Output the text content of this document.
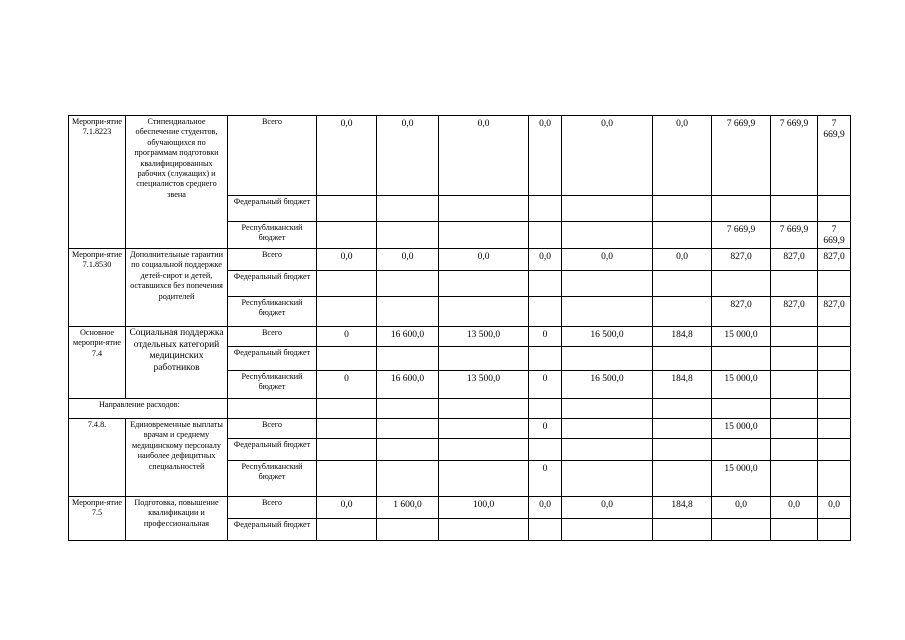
Меропри-ятие 7.1.8223	Стипендиальное обеспечение студентов, обучающихся по программам подготовки квалифицированных рабочих (служащих) и специалистов среднего звена	Всего	0,0	0,0	0,0	0,0	0,0	0,0	7 669,9	7 669,9	7 669,9
		Федеральный бюджет									
		Республиканский бюджет							7 669,9	7 669,9	7 669,9
Меропри-ятие 7.1.8530	Дополнительные гарантии по социальной поддержке детей-сирот и детей, оставшихся без попечения родителей	Всего	0,0	0,0	0,0	0,0	0,0	0,0	827,0	827,0	827,0
		Федеральный бюджет									
		Республиканский бюджет							827,0	827,0	827,0
Основное меропри-ятие 7.4	Социальная поддержка отдельных категорий медицинских работников	Всего	0	16 600,0	13 500,0	0	16 500,0	184,8	15 000,0		
		Федеральный бюджет									
		Республиканский бюджет	0	16 600,0	13 500,0	0	16 500,0	184,8	15 000,0		
Направление расходов:											
7.4.8.	Единовременные выплаты врачам и среднему медицинскому персоналу наиболее дефицитных специальностей	Всего				0			15 000,0		
		Федеральный бюджет									
		Республиканский бюджет				0			15 000,0		
Меропри-ятие 7.5	Подготовка, повышение квалификации и профессиональная	Всего	0,0	1 600,0	100,0	0,0	0,0	184,8	0,0	0,0	0,0
		Федеральный бюджет									
